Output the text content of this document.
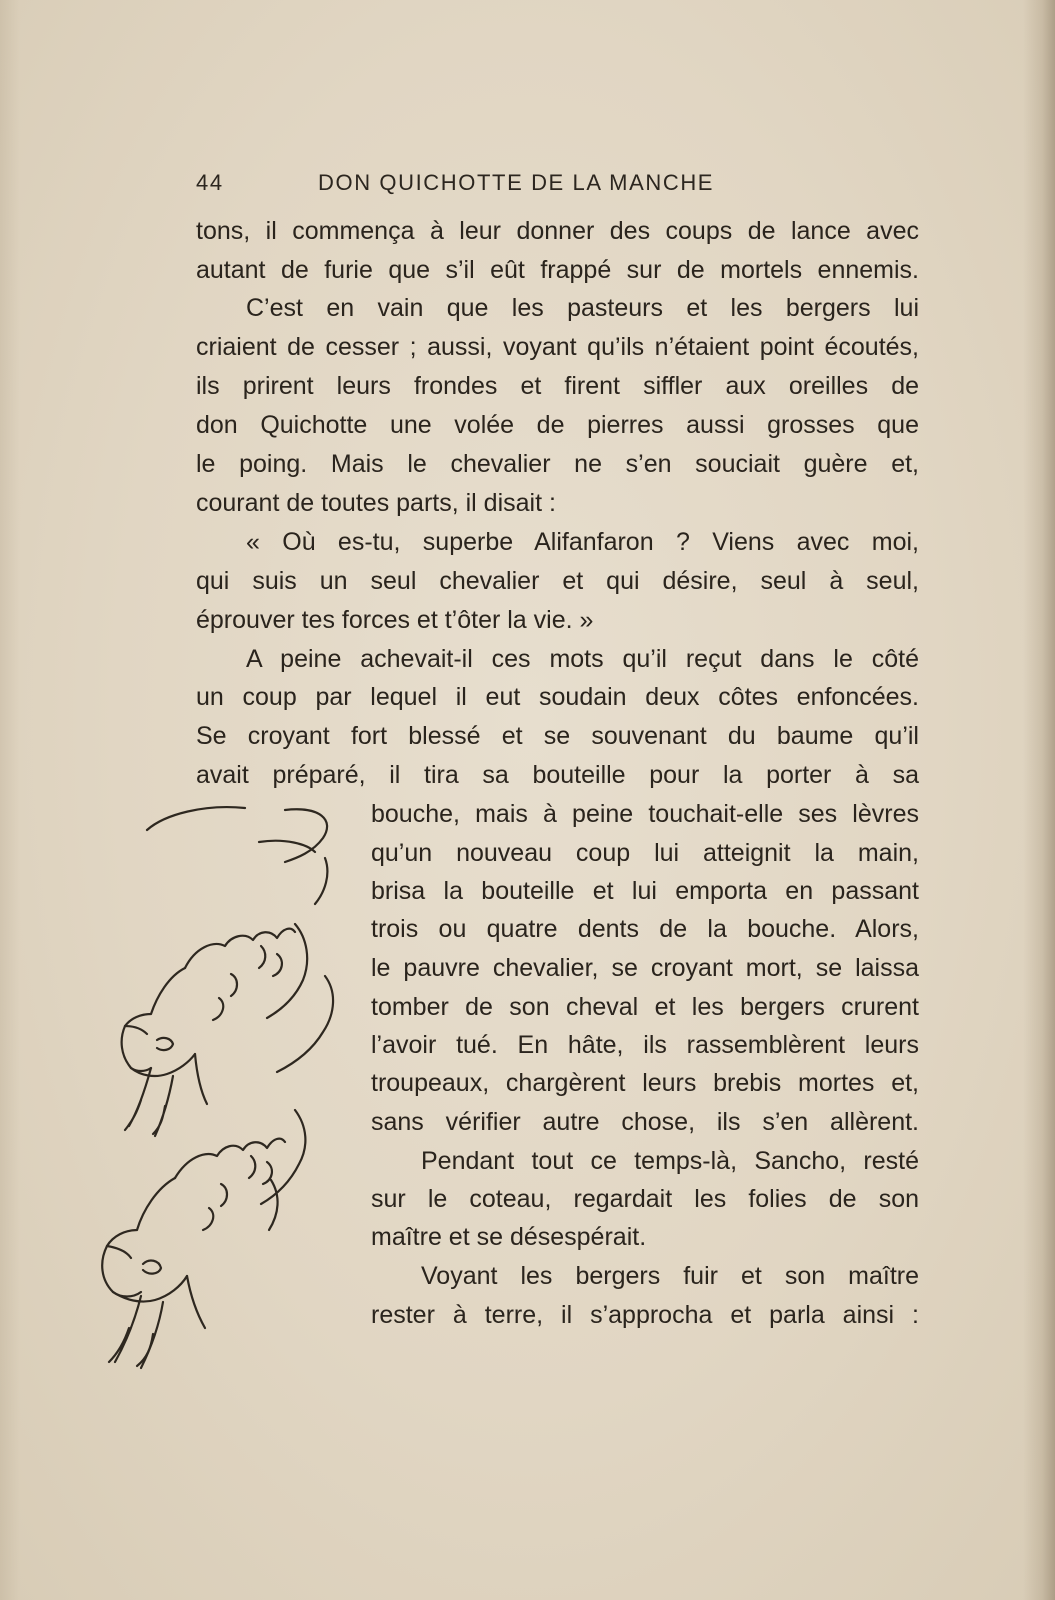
44	DON QUICHOTTE DE LA MANCHE
tons, il commença à leur donner des coups de lance avec
autant de furie que s’il eût frappé sur de mortels ennemis.
C’est en vain que les pasteurs et les bergers lui
criaient de cesser ; aussi, voyant qu’ils n’étaient point écoutés,
ils prirent leurs frondes et firent siffler aux oreilles de
don Quichotte une volée de pierres aussi grosses que
le poing. Mais le chevalier ne s’en souciait guère et,
courant de toutes parts, il disait :
« Où es-tu, superbe Alifanfaron ? Viens avec moi,
qui suis un seul chevalier et qui désire, seul à seul,
éprouver tes forces et t’ôter la vie. »
A peine achevait-il ces mots qu’il reçut dans le côté
un coup par lequel il eut soudain deux côtes enfoncées.
Se croyant fort blessé et se souvenant du baume qu’il
avait préparé, il tira sa bouteille pour la porter à sa
bouche, mais à peine touchait-elle ses lèvres
qu’un nouveau coup lui atteignit la main,
brisa la bouteille et lui emporta en passant
trois ou quatre dents de la bouche. Alors,
le pauvre chevalier, se croyant mort, se laissa
tomber de son cheval et les bergers crurent
l’avoir tué. En hâte, ils rassemblèrent leurs
troupeaux, chargèrent leurs brebis mortes et,
sans vérifier autre chose, ils s’en allèrent.
Pendant tout ce temps-là, Sancho, resté
sur le coteau, regardait les folies de son
maître et se désespérait.
Voyant les bergers fuir et son maître
rester à terre, il s’approcha et parla ainsi :
